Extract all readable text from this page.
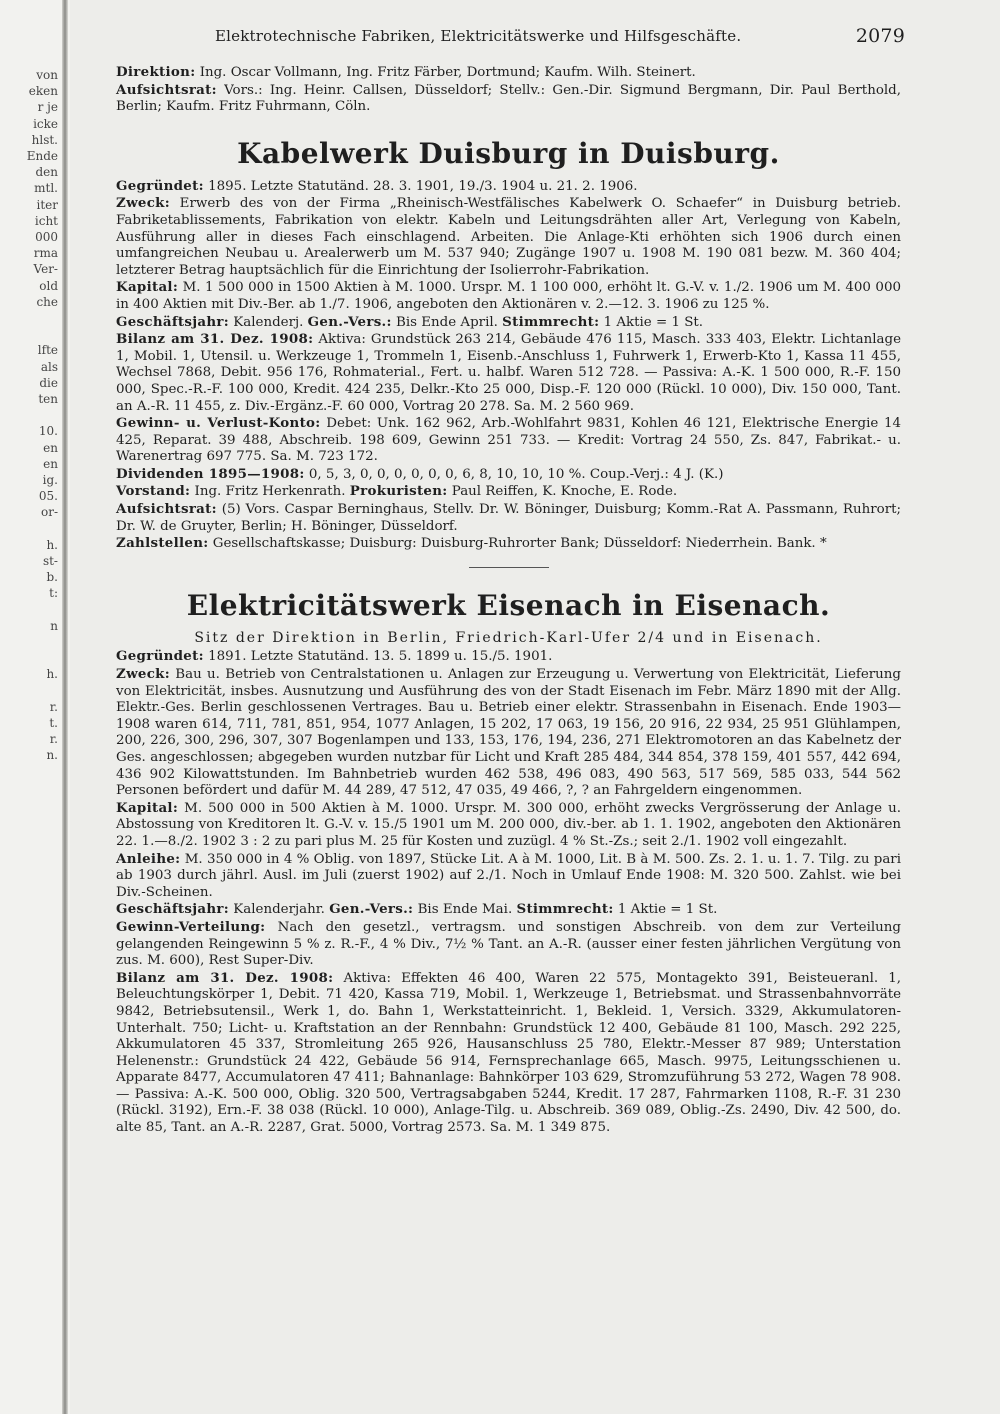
von
eken
r je
icke
hlst.
Ende
den
mtl.
iter
icht
000
rma
Ver-
old
che
lfte
als
die
ten
10.
en
en
ig.
05.
or-
h.
st-
b.
t:
n
h.
r.
t.
r.
n.
Elektrotechnische Fabriken, Elektricitätswerke und Hilfsgeschäfte.	2079

Direktion: Ing. Oscar Vollmann, Ing. Fritz Färber, Dortmund; Kaufm. Wilh. Steinert.

Aufsichtsrat: Vors.: Ing. Heinr. Callsen, Düsseldorf; Stellv.: Gen.-Dir. Sigmund Bergmann, Dir. Paul Berthold, Berlin; Kaufm. Fritz Fuhrmann, Cöln.

Kabelwerk Duisburg in Duisburg.

Gegründet: 1895. Letzte Statutänd. 28. 3. 1901, 19./3. 1904 u. 21. 2. 1906.

Zweck: Erwerb des von der Firma „Rheinisch-Westfälisches Kabelwerk O. Schaefer“ in Duisburg betrieb. Fabriketablissements, Fabrikation von elektr. Kabeln und Leitungsdrähten aller Art, Verlegung von Kabeln, Ausführung aller in dieses Fach einschlagend. Arbeiten. Die Anlage-Kti erhöhten sich 1906 durch einen umfangreichen Neubau u. Arealerwerb um M. 537 940; Zugänge 1907 u. 1908 M. 190 081 bezw. M. 360 404; letzterer Betrag hauptsächlich für die Einrichtung der Isolierrohr-Fabrikation.

Kapital: M. 1 500 000 in 1500 Aktien à M. 1000. Urspr. M. 1 100 000, erhöht lt. G.-V. v. 1./2. 1906 um M. 400 000 in 400 Aktien mit Div.-Ber. ab 1./7. 1906, angeboten den Aktionären v. 2.—12. 3. 1906 zu 125 %.

Geschäftsjahr: Kalenderj. Gen.-Vers.: Bis Ende April. Stimmrecht: 1 Aktie = 1 St.

Bilanz am 31. Dez. 1908: Aktiva: Grundstück 263 214, Gebäude 476 115, Masch. 333 403, Elektr. Lichtanlage 1, Mobil. 1, Utensil. u. Werkzeuge 1, Trommeln 1, Eisenb.-Anschluss 1, Fuhrwerk 1, Erwerb-Kto 1, Kassa 11 455, Wechsel 7868, Debit. 956 176, Rohmaterial., Fert. u. halbf. Waren 512 728. — Passiva: A.-K. 1 500 000, R.-F. 150 000, Spec.-R.-F. 100 000, Kredit. 424 235, Delkr.-Kto 25 000, Disp.-F. 120 000 (Rückl. 10 000), Div. 150 000, Tant. an A.-R. 11 455, z. Div.-Ergänz.-F. 60 000, Vortrag 20 278. Sa. M. 2 560 969.

Gewinn- u. Verlust-Konto: Debet: Unk. 162 962, Arb.-Wohlfahrt 9831, Kohlen 46 121, Elektrische Energie 14 425, Reparat. 39 488, Abschreib. 198 609, Gewinn 251 733. — Kredit: Vortrag 24 550, Zs. 847, Fabrikat.- u. Warenertrag 697 775. Sa. M. 723 172.

Dividenden 1895—1908: 0, 5, 3, 0, 0, 0, 0, 0, 0, 6, 8, 10, 10, 10 %. Coup.-Verj.: 4 J. (K.)

Vorstand: Ing. Fritz Herkenrath. Prokuristen: Paul Reiffen, K. Knoche, E. Rode.

Aufsichtsrat: (5) Vors. Caspar Berninghaus, Stellv. Dr. W. Böninger, Duisburg; Komm.-Rat A. Passmann, Ruhrort; Dr. W. de Gruyter, Berlin; H. Böninger, Düsseldorf.

Zahlstellen: Gesellschaftskasse; Duisburg: Duisburg-Ruhrorter Bank; Düsseldorf: Niederrhein. Bank. *

Elektricitätswerk Eisenach in Eisenach.
Sitz der Direktion in Berlin, Friedrich-Karl-Ufer 2/4 und in Eisenach.

Gegründet: 1891. Letzte Statutänd. 13. 5. 1899 u. 15./5. 1901.

Zweck: Bau u. Betrieb von Centralstationen u. Anlagen zur Erzeugung u. Verwertung von Elektricität, Lieferung von Elektricität, insbes. Ausnutzung und Ausführung des von der Stadt Eisenach im Febr. März 1890 mit der Allg. Elektr.-Ges. Berlin geschlossenen Vertrages. Bau u. Betrieb einer elektr. Strassenbahn in Eisenach. Ende 1903—1908 waren 614, 711, 781, 851, 954, 1077 Anlagen, 15 202, 17 063, 19 156, 20 916, 22 934, 25 951 Glühlampen, 200, 226, 300, 296, 307, 307 Bogenlampen und 133, 153, 176, 194, 236, 271 Elektromotoren an das Kabelnetz der Ges. angeschlossen; abgegeben wurden nutzbar für Licht und Kraft 285 484, 344 854, 378 159, 401 557, 442 694, 436 902 Kilowattstunden. Im Bahnbetrieb wurden 462 538, 496 083, 490 563, 517 569, 585 033, 544 562 Personen befördert und dafür M. 44 289, 47 512, 47 035, 49 466, ?, ? an Fahrgeldern eingenommen.

Kapital: M. 500 000 in 500 Aktien à M. 1000. Urspr. M. 300 000, erhöht zwecks Vergrösserung der Anlage u. Abstossung von Kreditoren lt. G.-V. v. 15./5 1901 um M. 200 000, div.-ber. ab 1. 1. 1902, angeboten den Aktionären 22. 1.—8./2. 1902 3 : 2 zu pari plus M. 25 für Kosten und zuzügl. 4 % St.-Zs.; seit 2./1. 1902 voll eingezahlt.

Anleihe: M. 350 000 in 4 % Oblig. von 1897, Stücke Lit. A à M. 1000, Lit. B à M. 500. Zs. 2. 1. u. 1. 7. Tilg. zu pari ab 1903 durch jährl. Ausl. im Juli (zuerst 1902) auf 2./1. Noch in Umlauf Ende 1908: M. 320 500. Zahlst. wie bei Div.-Scheinen.

Geschäftsjahr: Kalenderjahr. Gen.-Vers.: Bis Ende Mai. Stimmrecht: 1 Aktie = 1 St.

Gewinn-Verteilung: Nach den gesetzl., vertragsm. und sonstigen Abschreib. von dem zur Verteilung gelangenden Reingewinn 5 % z. R.-F., 4 % Div., 7½ % Tant. an A.-R. (ausser einer festen jährlichen Vergütung von zus. M. 600), Rest Super-Div.

Bilanz am 31. Dez. 1908: Aktiva: Effekten 46 400, Waren 22 575, Montagekto 391, Beisteueranl. 1, Beleuchtungskörper 1, Debit. 71 420, Kassa 719, Mobil. 1, Werkzeuge 1, Betriebsmat. und Strassenbahnvorräte 9842, Betriebsutensil., Werk 1, do. Bahn 1, Werkstatteinricht. 1, Bekleid. 1, Versich. 3329, Akkumulatoren-Unterhalt. 750; Licht- u. Kraftstation an der Rennbahn: Grundstück 12 400, Gebäude 81 100, Masch. 292 225, Akkumulatoren 45 337, Stromleitung 265 926, Hausanschluss 25 780, Elektr.-Messer 87 989; Unterstation Helenenstr.: Grundstück 24 422, Gebäude 56 914, Fernsprechanlage 665, Masch. 9975, Leitungsschienen u. Apparate 8477, Accumulatoren 47 411; Bahnanlage: Bahnkörper 103 629, Stromzuführung 53 272, Wagen 78 908. — Passiva: A.-K. 500 000, Oblig. 320 500, Vertragsabgaben 5244, Kredit. 17 287, Fahrmarken 1108, R.-F. 31 230 (Rückl. 3192), Ern.-F. 38 038 (Rückl. 10 000), Anlage-Tilg. u. Abschreib. 369 089, Oblig.-Zs. 2490, Div. 42 500, do. alte 85, Tant. an A.-R. 2287, Grat. 5000, Vortrag 2573. Sa. M. 1 349 875.
